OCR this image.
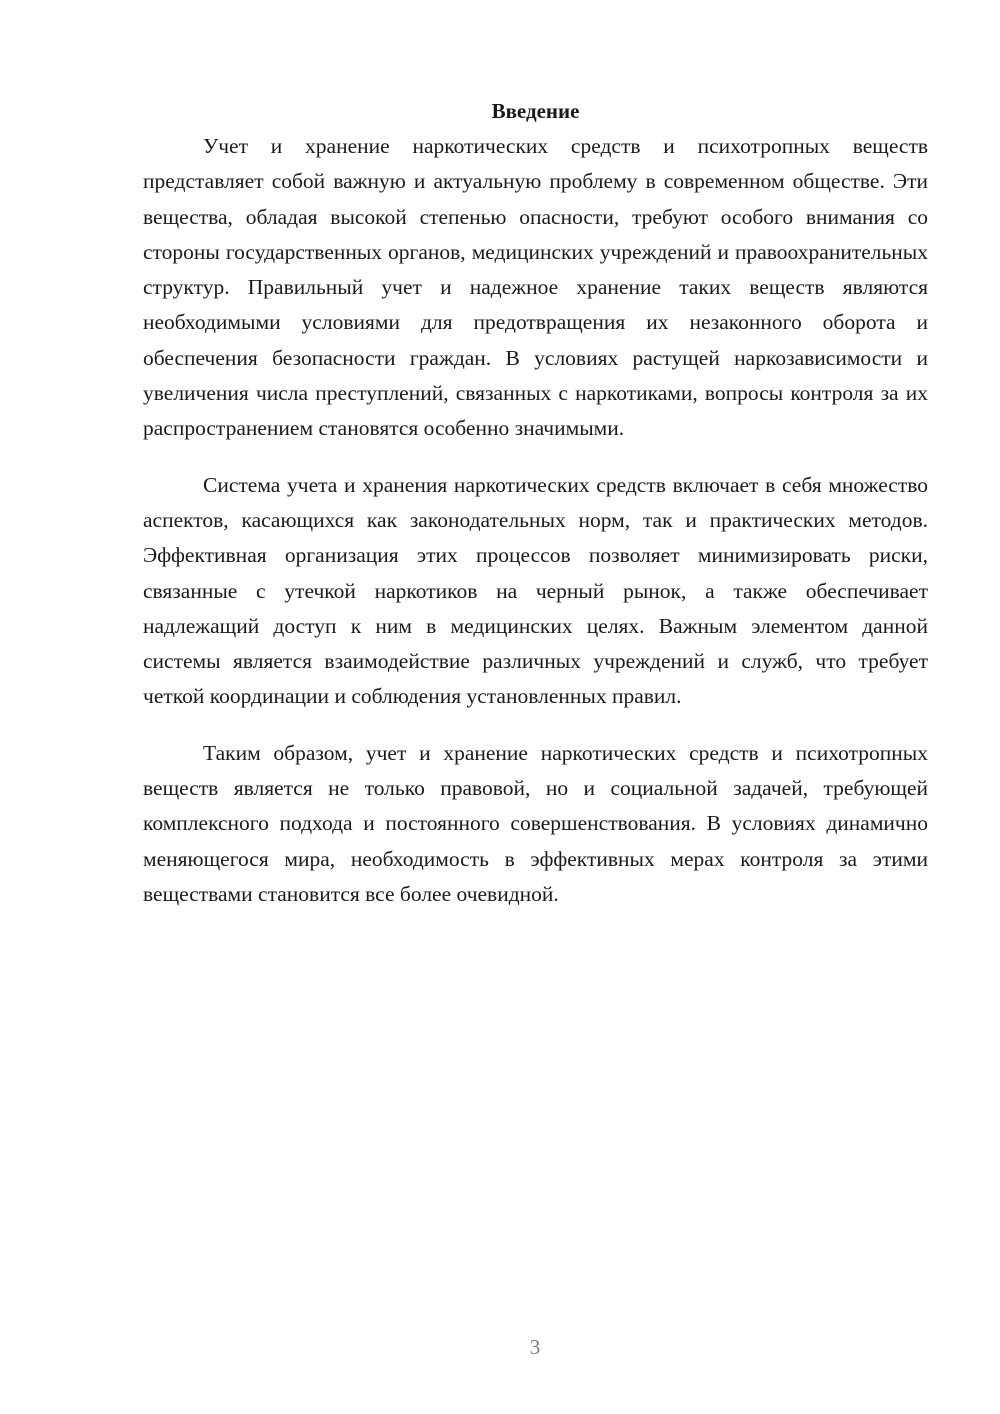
Введение

Учет и хранение наркотических средств и психотропных веществ представляет собой важную и актуальную проблему в современном обществе. Эти вещества, обладая высокой степенью опасности, требуют особого внимания со стороны государственных органов, медицинских учреждений и правоохранительных структур. Правильный учет и надежное хранение таких веществ являются необходимыми условиями для предотвращения их незаконного оборота и обеспечения безопасности граждан. В условиях растущей наркозависимости и увеличения числа преступлений, связанных с наркотиками, вопросы контроля за их распространением становятся особенно значимыми.

Система учета и хранения наркотических средств включает в себя множество аспектов, касающихся как законодательных норм, так и практических методов. Эффективная организация этих процессов позволяет минимизировать риски, связанные с утечкой наркотиков на черный рынок, а также обеспечивает надлежащий доступ к ним в медицинских целях. Важным элементом данной системы является взаимодействие различных учреждений и служб, что требует четкой координации и соблюдения установленных правил.

Таким образом, учет и хранение наркотических средств и психотропных веществ является не только правовой, но и социальной задачей, требующей комплексного подхода и постоянного совершенствования. В условиях динамично меняющегося мира, необходимость в эффективных мерах контроля за этими веществами становится все более очевидной.

3
